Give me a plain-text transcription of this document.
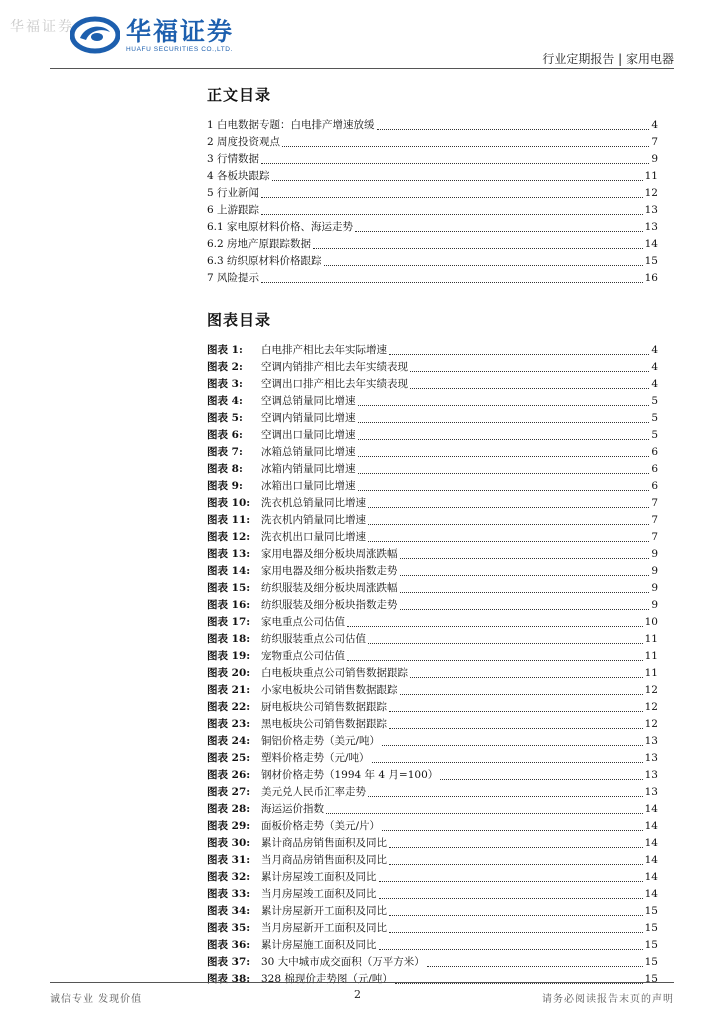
华福证券 华福证券
HUAFU SECURITIES CO.,LTD.
行业定期报告 | 家用电器
正文目录
1 白电数据专题：白电排产增速放缓	4
2 周度投资观点	7
3 行情数据	9
4 各板块跟踪	11
5 行业新闻	12
6 上游跟踪	13
6.1 家电原材料价格、海运走势	13
6.2 房地产原跟踪数据	14
6.3 纺织原材料价格跟踪	15
7 风险提示	16
图表目录
图表 1:	白电排产相比去年实际增速	4
图表 2:	空调内销排产相比去年实绩表现	4
图表 3:	空调出口排产相比去年实绩表现	4
图表 4:	空调总销量同比增速	5
图表 5:	空调内销量同比增速	5
图表 6:	空调出口量同比增速	5
图表 7:	冰箱总销量同比增速	6
图表 8:	冰箱内销量同比增速	6
图表 9:	冰箱出口量同比增速	6
图表 10:	洗衣机总销量同比增速	7
图表 11:	洗衣机内销量同比增速	7
图表 12:	洗衣机出口量同比增速	7
图表 13:	家用电器及细分板块周涨跌幅	9
图表 14:	家用电器及细分板块指数走势	9
图表 15:	纺织服装及细分板块周涨跌幅	9
图表 16:	纺织服装及细分板块指数走势	9
图表 17:	家电重点公司估值	10
图表 18:	纺织服装重点公司估值	11
图表 19:	宠物重点公司估值	11
图表 20:	白电板块重点公司销售数据跟踪	11
图表 21:	小家电板块公司销售数据跟踪	12
图表 22:	厨电板块公司销售数据跟踪	12
图表 23:	黑电板块公司销售数据跟踪	12
图表 24:	铜铝价格走势（美元/吨）	13
图表 25:	塑料价格走势（元/吨）	13
图表 26:	钢材价格走势（1994 年 4 月=100）	13
图表 27:	美元兑人民币汇率走势	13
图表 28:	海运运价指数	14
图表 29:	面板价格走势（美元/片）	14
图表 30:	累计商品房销售面积及同比	14
图表 31:	当月商品房销售面积及同比	14
图表 32:	累计房屋竣工面积及同比	14
图表 33:	当月房屋竣工面积及同比	14
图表 34:	累计房屋新开工面积及同比	15
图表 35:	当月房屋新开工面积及同比	15
图表 36:	累计房屋施工面积及同比	15
图表 37:	30 大中城市成交面积（万平方米）	15
图表 38:	328 棉现价走势图（元/吨）	15
诚信专业 发现价值	2	请务必阅读报告末页的声明
